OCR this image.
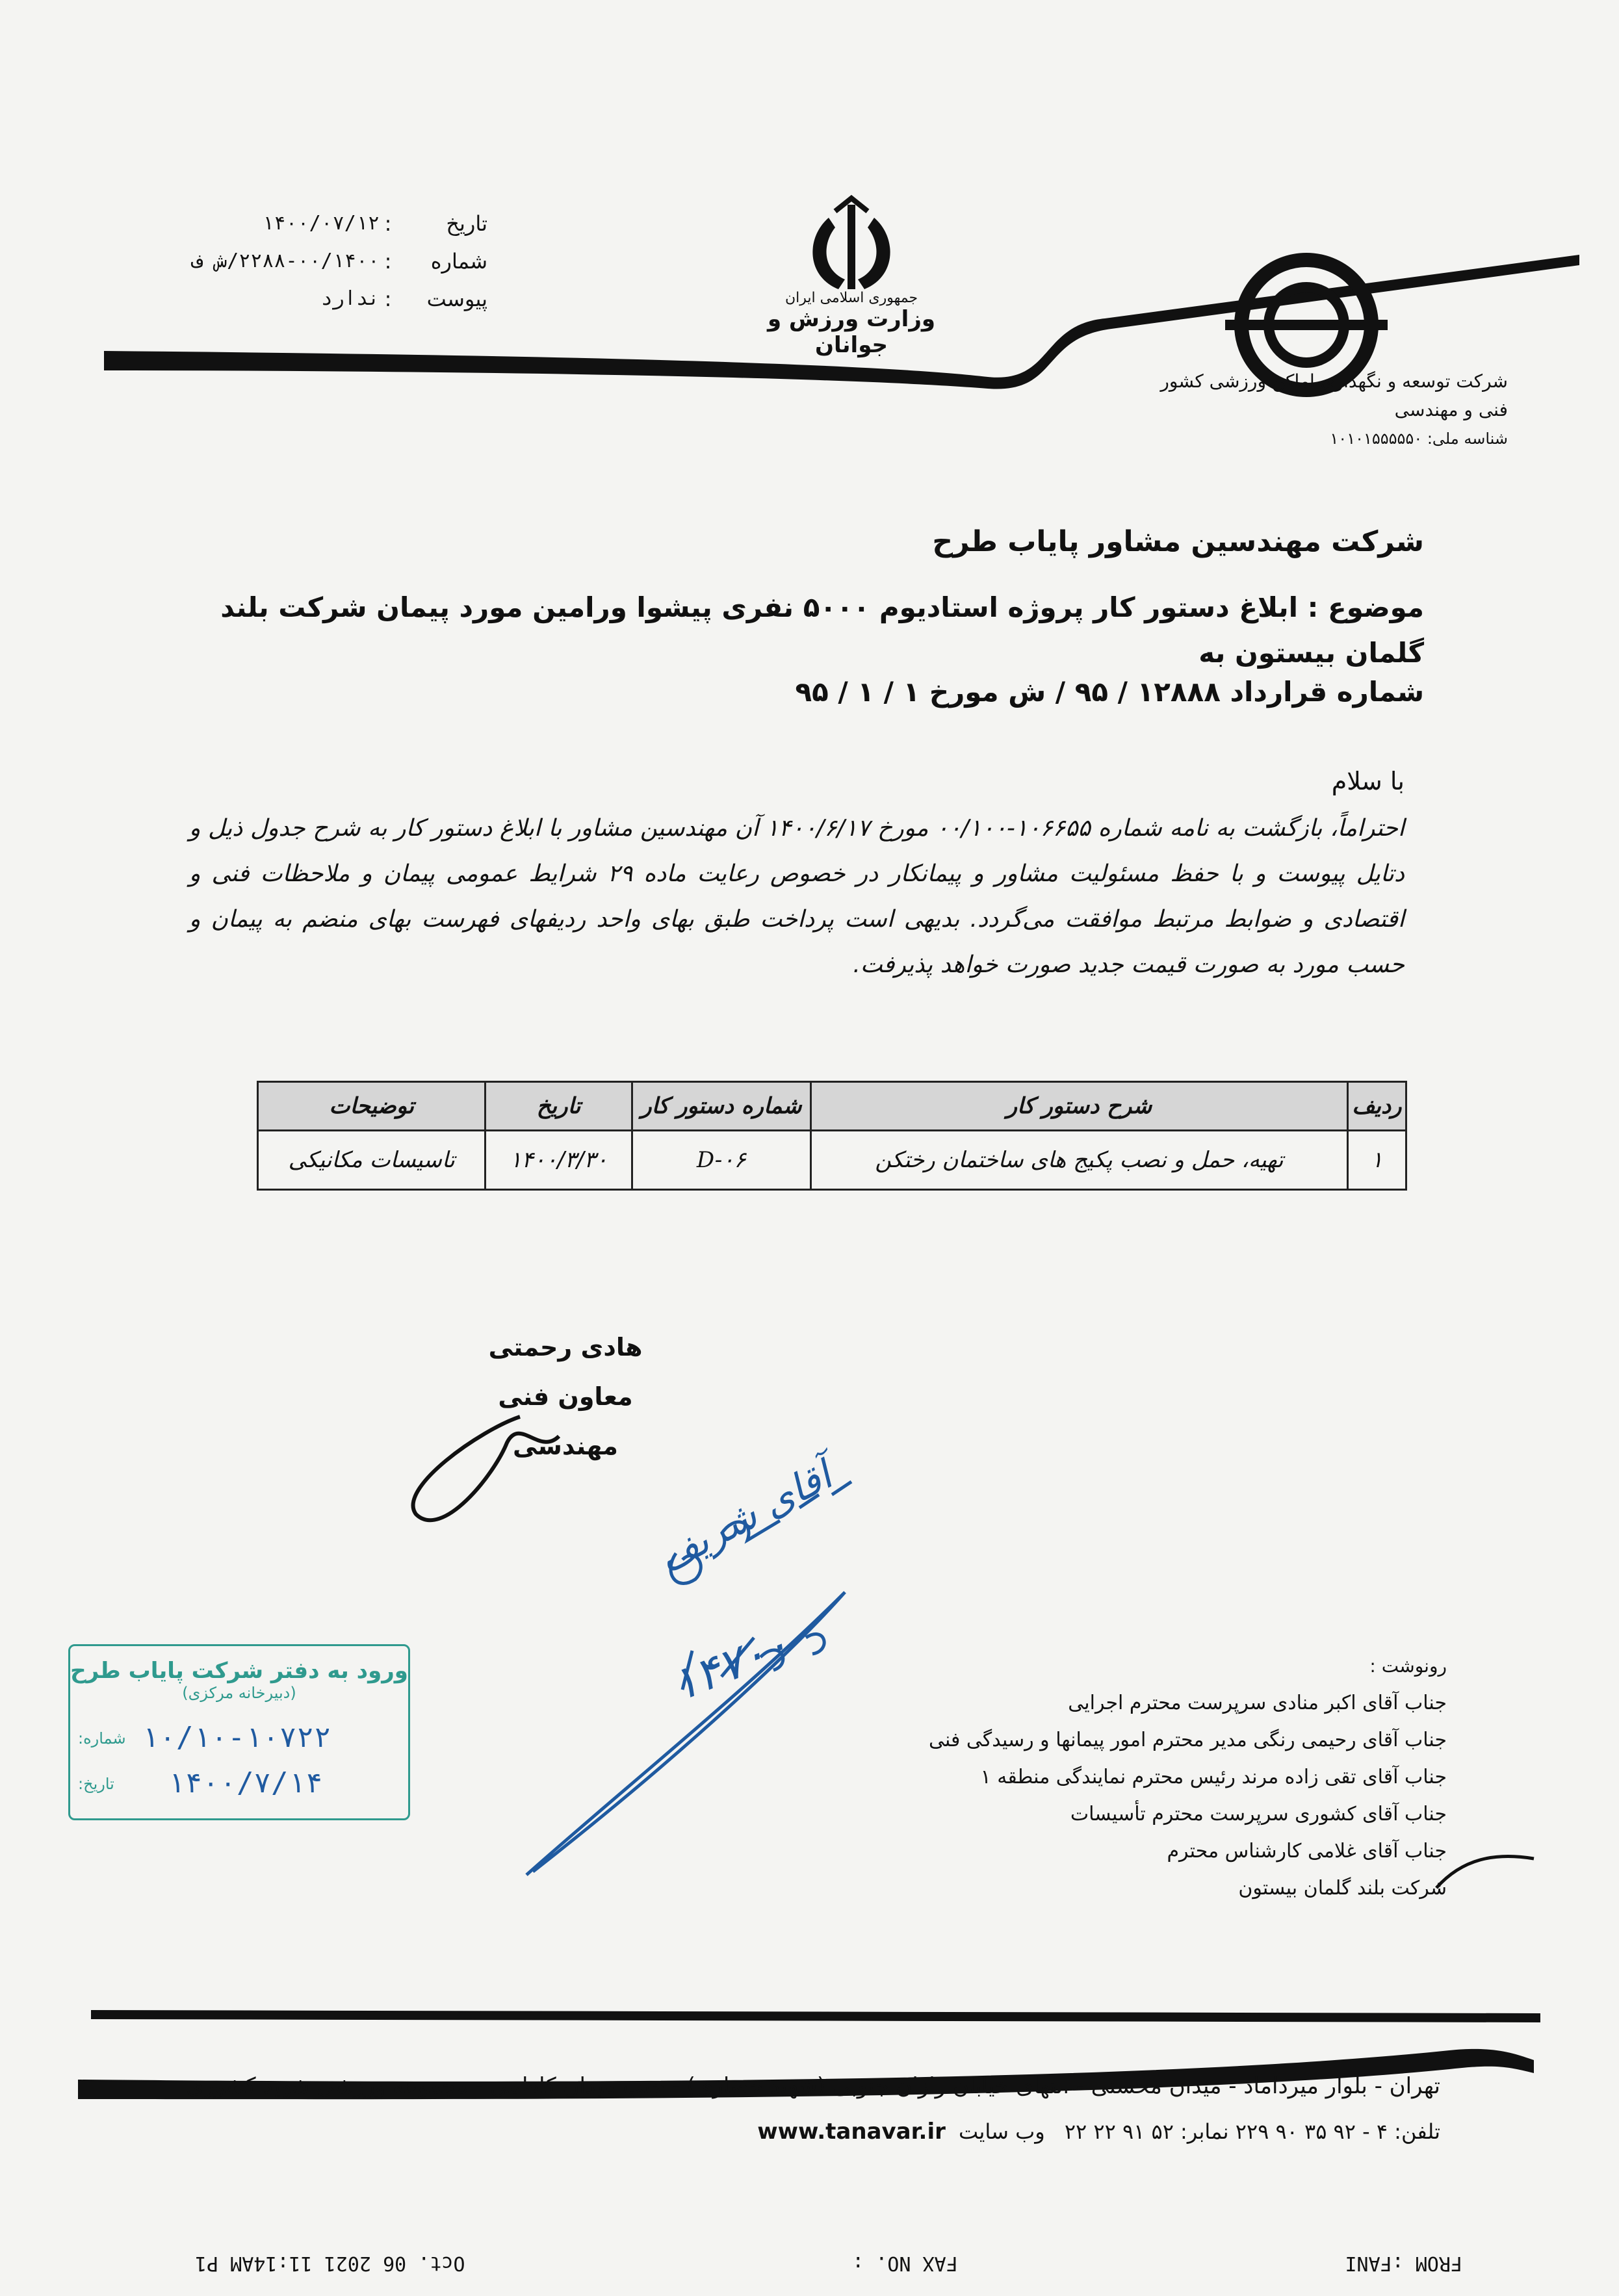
تاریخ
:
۱۴۰۰/۰۷/۱۲
شماره
:
۲۲۸۸-۰۰/۱۴۰۰/ش ف
پیوست
:
ندارد	جمهوری اسلامی ایران
وزارت ورزش و جوانان
شرکت توسعه و نگهداری اماکن ورزشی کشور
فنی و مهندسی
شناسه ملی: ۱۰۱۰۱۵۵۵۵۵۰
شرکت مهندسین مشاور پایاب طرح
موضوع : ابلاغ دستور کار پروژه استادیوم ۵۰۰۰ نفری پیشوا ورامین مورد پیمان شرکت بلند گلمان بیستون به
شماره قرارداد ۱۲۸۸۸ / ۹۵ / ش مورخ ۱ / ۱ / ۹۵
با سلام
احتراماً، بازگشت به نامه شماره ۱۰۶۶۵۵-۰۰/۱۰۰ مورخ ۱۴۰۰/۶/۱۷ آن مهندسین مشاور با ابلاغ دستور کار به شرح جدول ذیل و دتایل پیوست و با حفظ مسئولیت مشاور و پیمانکار در خصوص رعایت ماده ۲۹ شرایط عمومی پیمان و ملاحظات فنی و اقتصادی و ضوابط مرتبط موافقت می‌گردد. بدیهی است پرداخت طبق بهای واحد ردیفهای فهرست بهای منضم به پیمان و حسب مورد به صورت قیمت جدید صورت خواهد پذیرفت.
ردیف	شرح دستور کار	شماره دستور کار	تاریخ	توضیحات
۱	تهیه، حمل و نصب پکیج های ساختمان رختکن	D-۰۶	۱۴۰۰/۳/۳۰	تاسیسات مکانیکی
هادی رحمتی
معاون فنی مهندسی
آقای شریف
۱۴۷۰۰
ورود به دفتر شرکت پایاب طرح
(دبیرخانه مرکزی)
شماره:
تاریخ:
۱۰/۱۰-۱۰۷۲۲
۱۴۰۰/۷/۱۴
رونوشت :
جناب آقای اکبر منادی سرپرست محترم اجرایی
جناب آقای رحیمی رنگی مدیر محترم امور پیمانها و رسیدگی فنی
جناب آقای تقی زاده مرند رئیس محترم نمایندگی منطقه ۱
جناب آقای کشوری سرپرست محترم تأسیسات
جناب آقای غلامی کارشناس محترم
شرکت بلند گلمان بیستون
تهران - بلوار میرداماد - میدان محسنی - انتهای خیابان رازان جنوبی (شهید حصاری) - جنب میدان کاظمی - مجموعه ورزشی شهید کشوری
تلفن: ۴ - ۹۲ ۳۵ ۹۰ ۲۲۹ نمابر: ۵۲ ۹۱ ۲۲ ۲۲ وب سایت www.tanavar.ir
FROM :FANI
FAX NO. :
Oct. 06 2021 11:14AM P1
